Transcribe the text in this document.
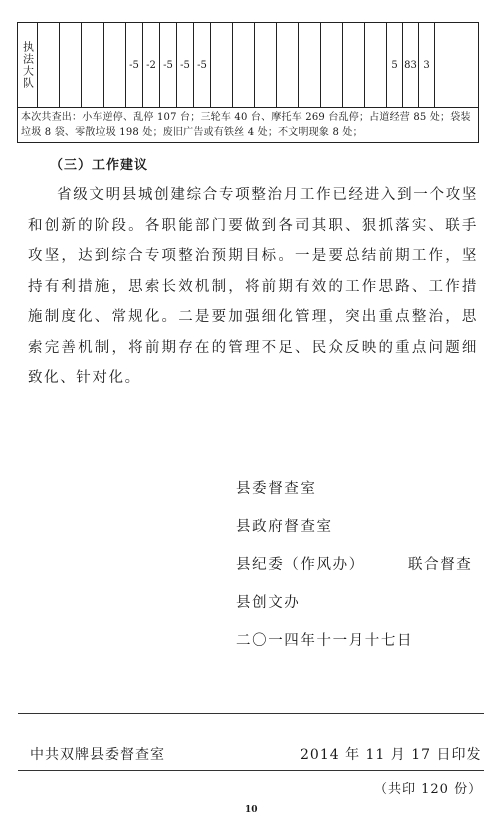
执法大队					-5	-2	-5	-5	-5									5	83	3	
本次共查出：小车逆停、乱停 107 台；三轮车 40 台、摩托车 269 台乱停；占道经营 85 处；袋装垃圾 8 袋、零散垃圾 198 处；废旧广告或有铁丝 4 处；不文明现象 8 处；
（三）工作建议
省级文明县城创建综合专项整治月工作已经进入到一个攻坚和创新的阶段。各职能部门要做到各司其职、狠抓落实、联手攻坚，达到综合专项整治预期目标。一是要总结前期工作，坚持有利措施，思索长效机制，将前期有效的工作思路、工作措施制度化、常规化。二是要加强细化管理，突出重点整治，思索完善机制，将前期存在的管理不足、民众反映的重点问题细致化、针对化。
县委督查室
县政府督查室
县纪委（作风办）	联合督查
县创文办
二〇一四年十一月十七日
中共双牌县委督查室	2014 年 11 月 17 日印发
（共印 120 份）
10
